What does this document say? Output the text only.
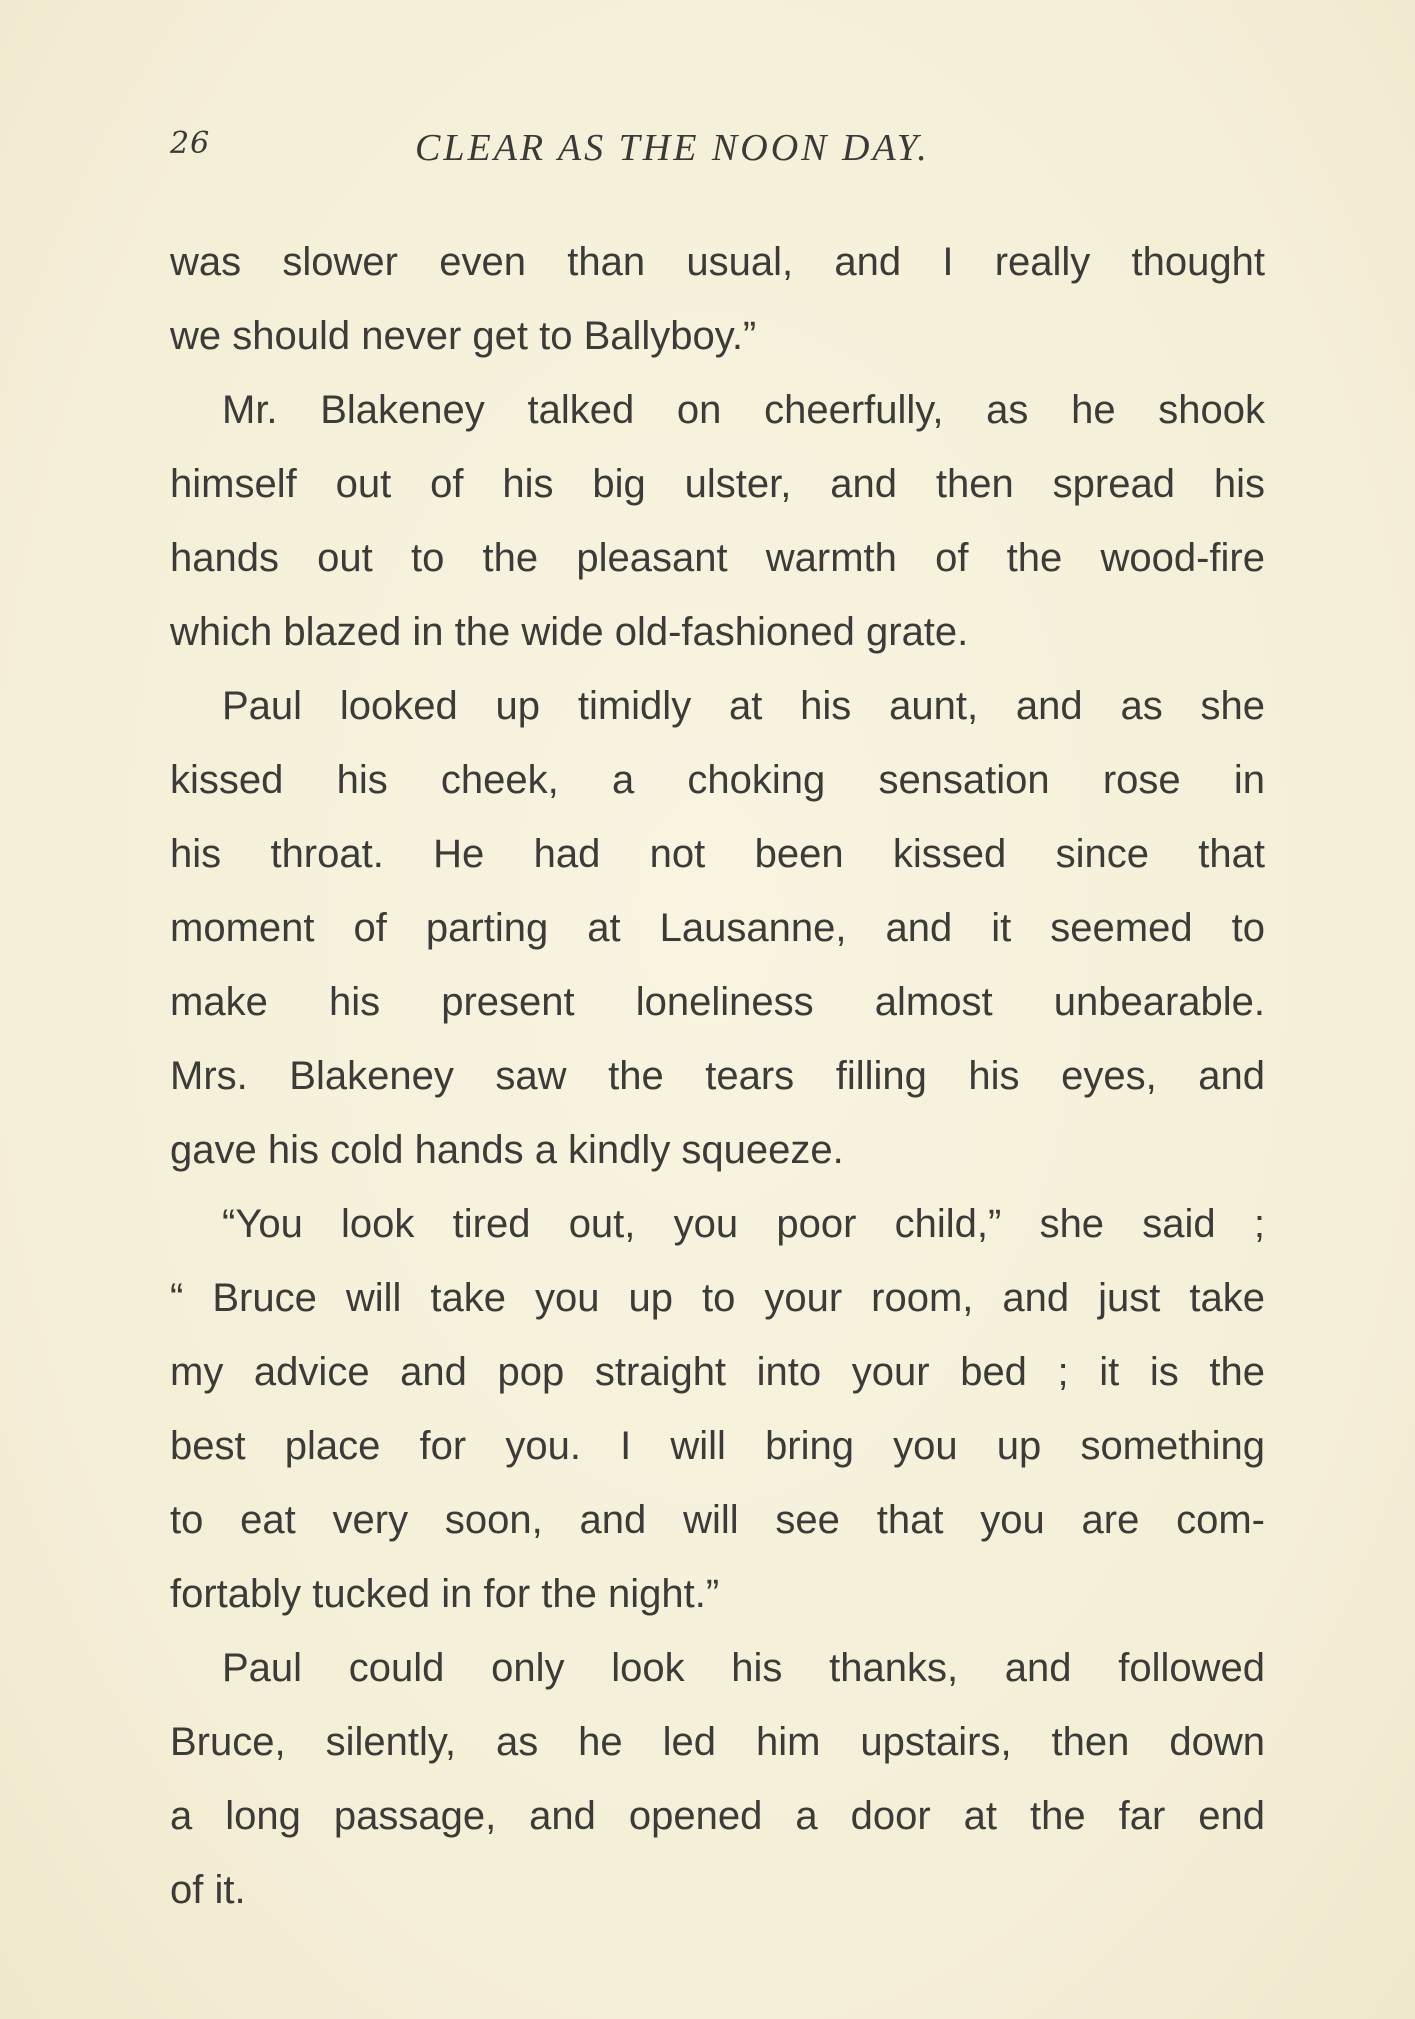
26	CLEAR AS THE NOON DAY.
was slower even than usual, and I really thought
we should never get to Ballyboy.”
Mr. Blakeney talked on cheerfully, as he shook
himself out of his big ulster, and then spread his
hands out to the pleasant warmth of the wood-fire
which blazed in the wide old-fashioned grate.
Paul looked up timidly at his aunt, and as she
kissed his cheek, a choking sensation rose in
his throat. He had not been kissed since that
moment of parting at Lausanne, and it seemed to
make his present loneliness almost unbearable.
Mrs. Blakeney saw the tears filling his eyes, and
gave his cold hands a kindly squeeze.
“You look tired out, you poor child,” she said ;
“ Bruce will take you up to your room, and just take
my advice and pop straight into your bed ; it is the
best place for you. I will bring you up something
to eat very soon, and will see that you are com-
fortably tucked in for the night.”
Paul could only look his thanks, and followed
Bruce, silently, as he led him upstairs, then down
a long passage, and opened a door at the far end
of it.
